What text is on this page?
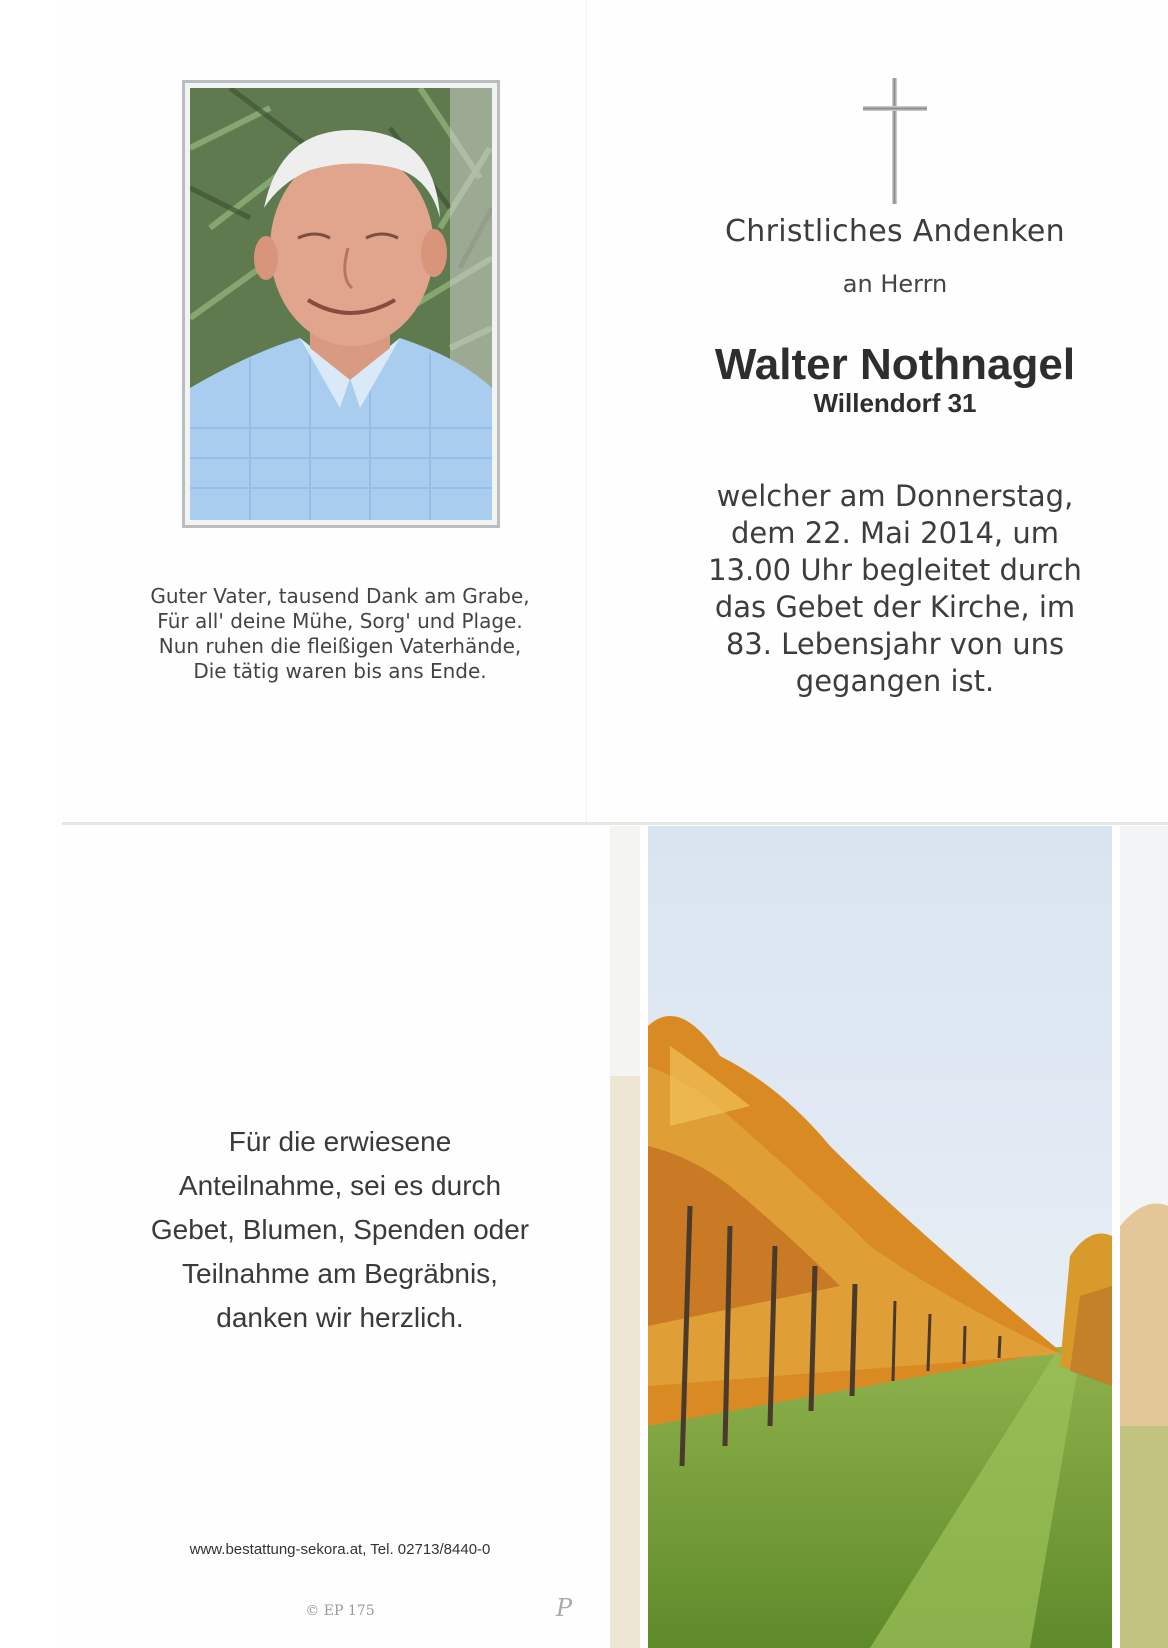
Guter Vater, tausend Dank am Grabe,
Für all' deine Mühe, Sorg' und Plage.
Nun ruhen die fleißigen Vaterhände,
Die tätig waren bis ans Ende.
Christliches Andenken
an Herrn
Walter Nothnagel
Willendorf 31
welcher am Donnerstag,
dem 22. Mai 2014, um
13.00 Uhr begleitet durch
das Gebet der Kirche, im
83. Lebensjahr von uns
gegangen ist.
Für die erwiesene
Anteilnahme, sei es durch
Gebet, Blumen, Spenden oder
Teilnahme am Begräbnis,
danken wir herzlich.
www.bestattung-sekora.at, Tel. 02713/8440-0
© EP 175	P
